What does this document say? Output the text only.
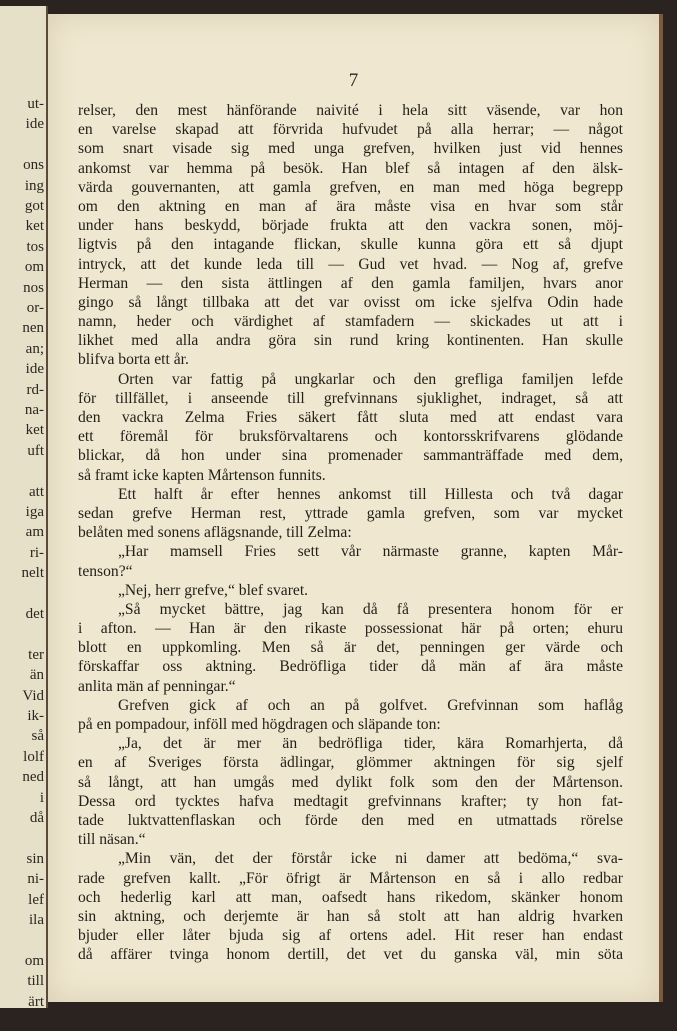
ut-
ide
ons
ing
got
ket
tos
om
nos
or-
nen
an;
ide
rd-
na-
ket
uft
att
iga
am
ri-
nelt
det
ter
än
Vid
ik-
så
lolf
ned
i
då
sin
ni-
lef
ila
om
till
ärt
ö-
7
relser, den mest hänförande naivité i hela sitt väsende, var hon
en varelse skapad att förvrida hufvudet på alla herrar; — något
som snart visade sig med unga grefven, hvilken just vid hennes
ankomst var hemma på besök. Han blef så intagen af den älsk-
värda gouvernanten, att gamla grefven, en man med höga begrepp
om den aktning en man af ära måste visa en hvar som står
under hans beskydd, började frukta att den vackra sonen, möj-
ligtvis på den intagande flickan, skulle kunna göra ett så djupt
intryck, att det kunde leda till — Gud vet hvad. — Nog af, grefve
Herman — den sista ättlingen af den gamla familjen, hvars anor
gingo så långt tillbaka att det var ovisst om icke sjelfva Odin hade
namn, heder och värdighet af stamfadern — skickades ut att i
likhet med alla andra göra sin rund kring kontinenten. Han skulle
blifva borta ett år.
Orten var fattig på ungkarlar och den grefliga familjen lefde
för tillfället, i anseende till grefvinnans sjuklighet, indraget, så att
den vackra Zelma Fries säkert fått sluta med att endast vara
ett föremål för bruksförvaltarens och kontorsskrifvarens glödande
blickar, då hon under sina promenader sammanträffade med dem,
så framt icke kapten Mårtenson funnits.
Ett halft år efter hennes ankomst till Hillesta och två dagar
sedan grefve Herman rest, yttrade gamla grefven, som var mycket
belåten med sonens aflägsnande, till Zelma:
„Har mamsell Fries sett vår närmaste granne, kapten Mår-
tenson?“
„Nej, herr grefve,“ blef svaret.
„Så mycket bättre, jag kan då få presentera honom för er
i afton. — Han är den rikaste possessionat här på orten; ehuru
blott en uppkomling. Men så är det, penningen ger värde och
förskaffar oss aktning. Bedröfliga tider då män af ära måste
anlita män af penningar.“
Grefven gick af och an på golfvet. Grefvinnan som haflåg
på en pompadour, inföll med högdragen och släpande ton:
„Ja, det är mer än bedröfliga tider, kära Romarhjerta, då
en af Sveriges första ädlingar, glömmer aktningen för sig sjelf
så långt, att han umgås med dylikt folk som den der Mårtenson.
Dessa ord tycktes hafva medtagit grefvinnans krafter; ty hon fat-
tade luktvattenflaskan och förde den med en utmattads rörelse
till näsan.“
„Min vän, det der förstår icke ni damer att bedöma,“ sva-
rade grefven kallt. „För öfrigt är Mårtenson en så i allo redbar
och hederlig karl att man, oafsedt hans rikedom, skänker honom
sin aktning, och derjemte är han så stolt att han aldrig hvarken
bjuder eller låter bjuda sig af ortens adel. Hit reser han endast
då affärer tvinga honom dertill, det vet du ganska väl, min söta
